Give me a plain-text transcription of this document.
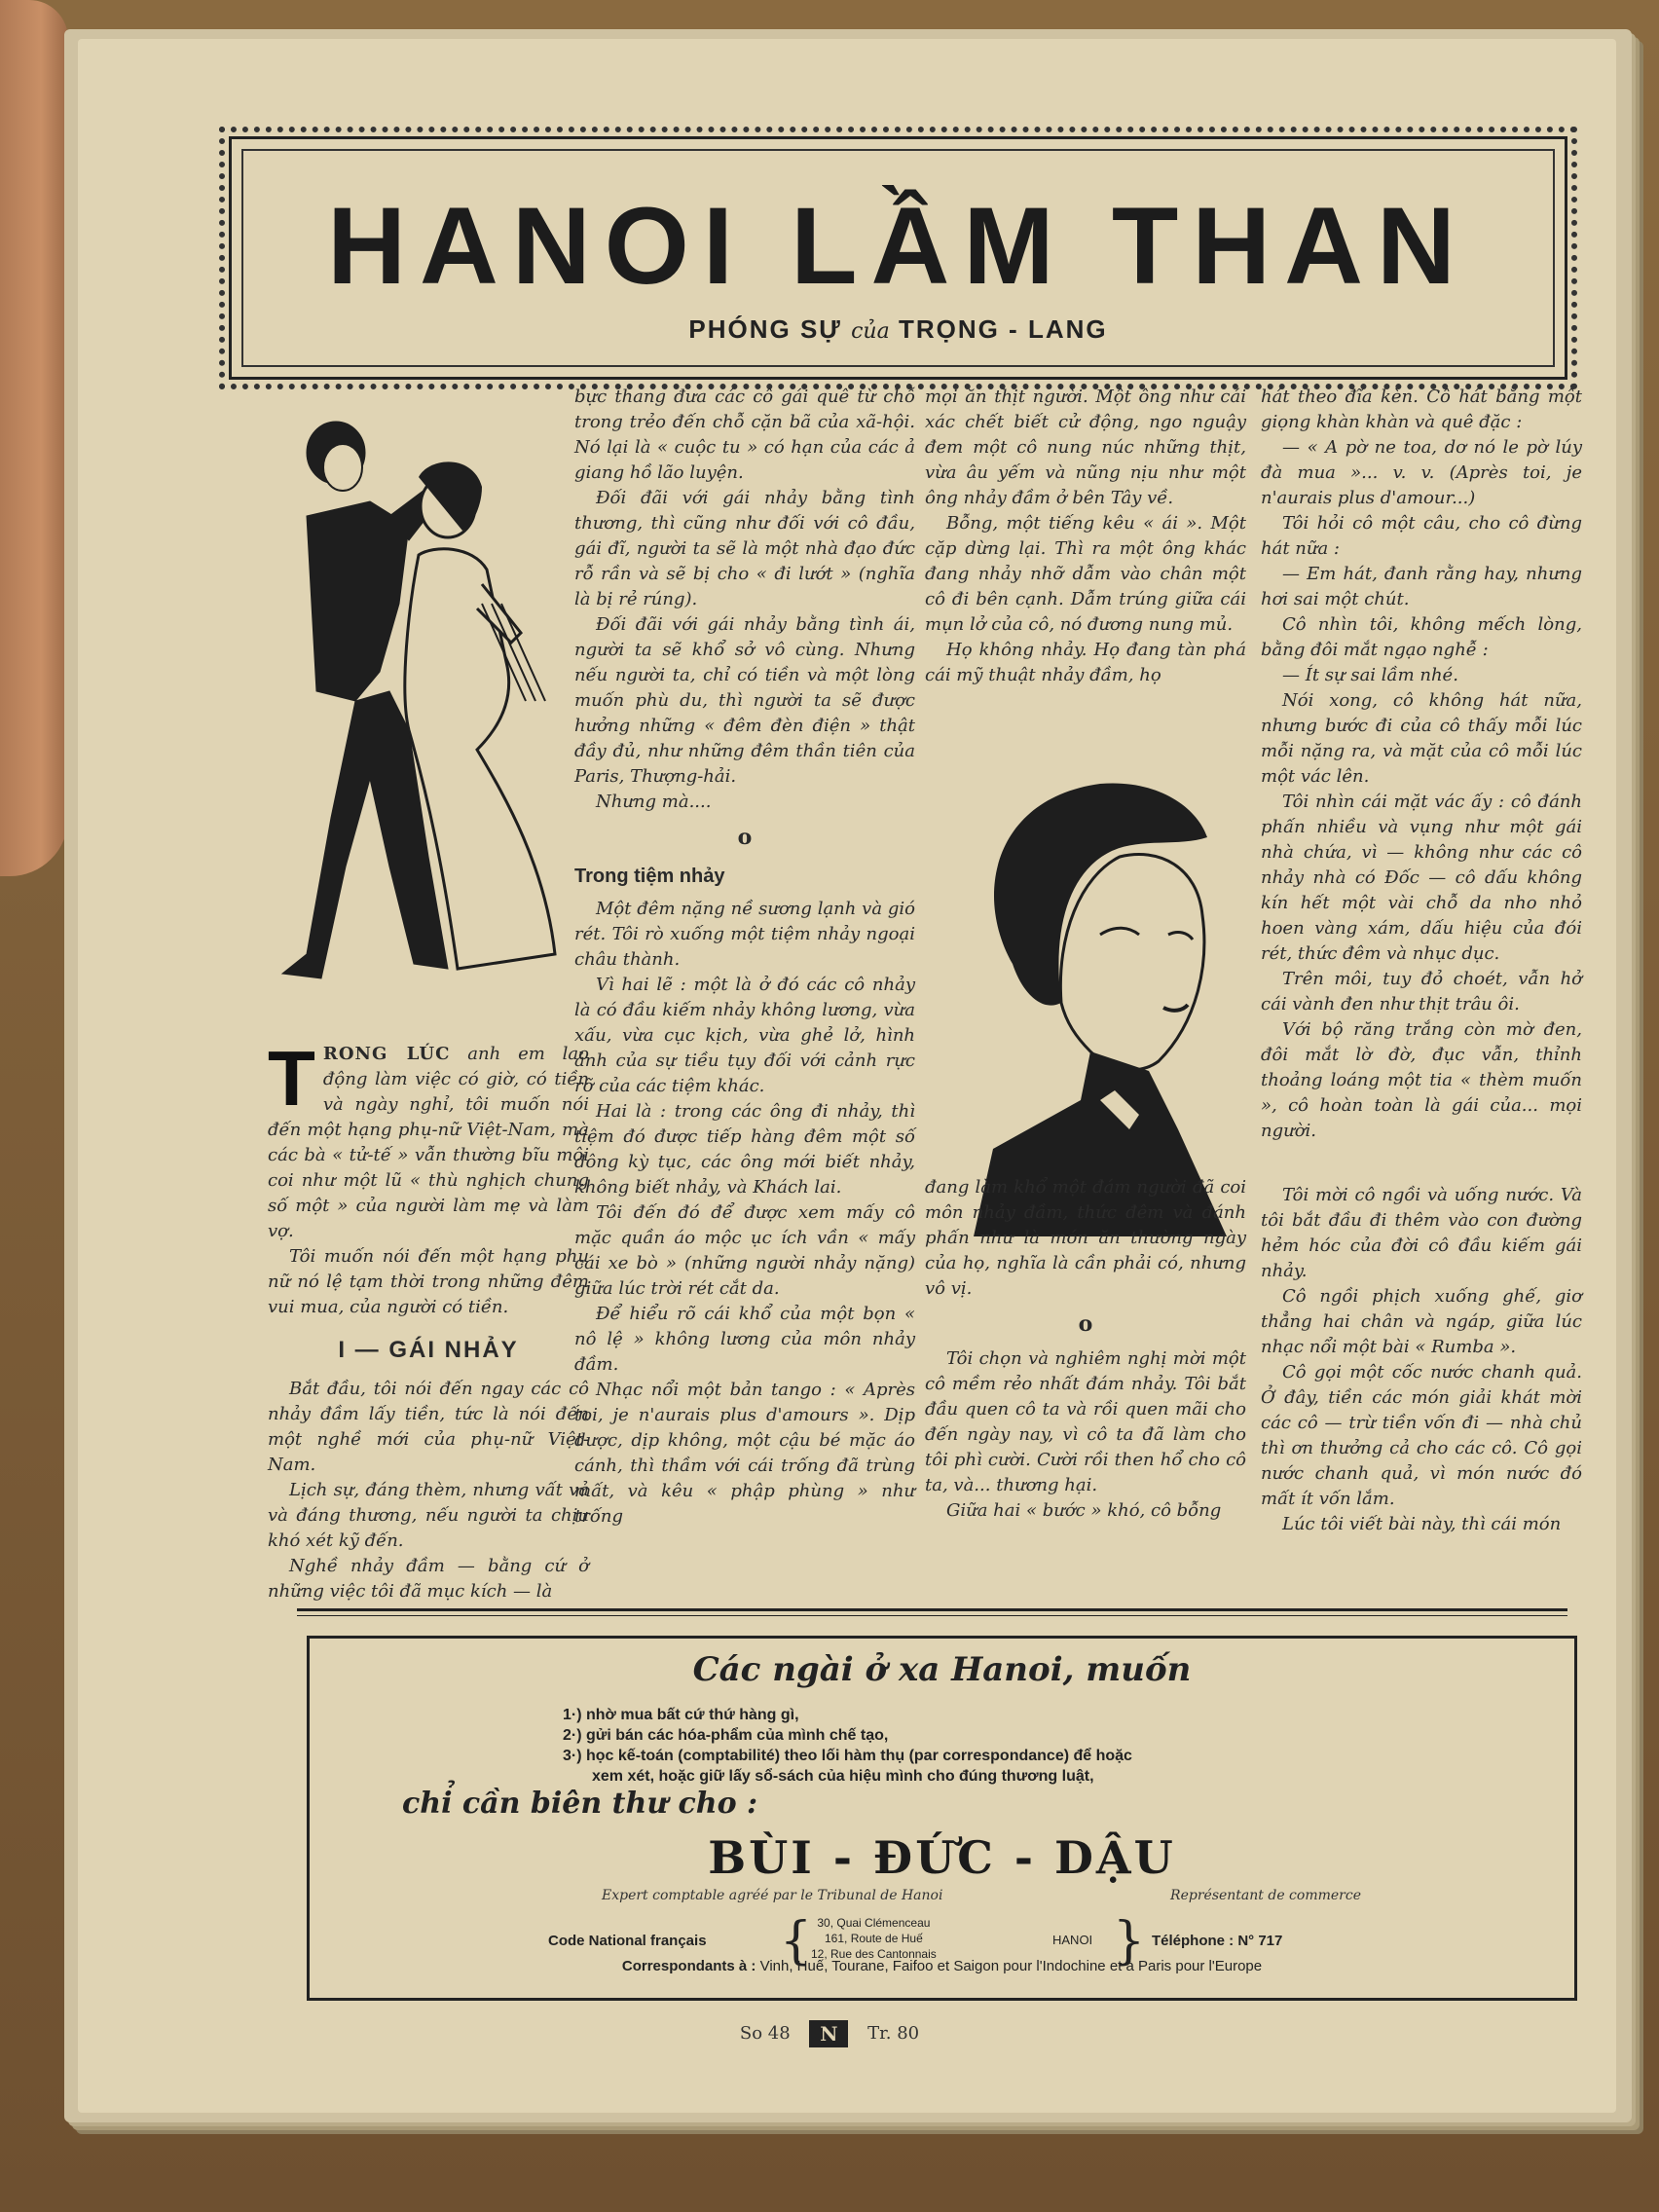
HANOI LẦM THAN
PHÓNG SỰ của TRỌNG - LANG

T RONG LÚC anh em lao động làm việc có giờ, có tiền và ngày nghỉ, tôi muốn nói đến một hạng phụ-nữ Việt-Nam, mà các bà « tử-tế » vẫn thường bĩu môi coi như một lũ « thù nghịch chung số một » của người làm mẹ và làm vợ.

Tôi muốn nói đến một hạng phụ nữ nó lệ tạm thời trong những đêm vui mua, của người có tiền.

I — GÁI NHẢY

Bắt đầu, tôi nói đến ngay các cô nhảy đầm lấy tiền, tức là nói đến một nghề mới của phụ-nữ Việt-Nam.

Lịch sự, đáng thèm, nhưng vất vả và đáng thương, nếu người ta chịu khó xét kỹ đến.

Nghề nhảy đầm — bằng cứ ở những việc tôi đã mục kích — là

bực thang đưa các cô gái quê từ chỗ trong trẻo đến chỗ cặn bã của xã-hội. Nó lại là « cuộc tu » có hạn của các ả giang hồ lão luyện.

Đối đãi với gái nhảy bằng tình thương, thì cũng như đối với cô đầu, gái đĩ, người ta sẽ là một nhà đạo đức rỗ rần và sẽ bị cho « đi lướt » (nghĩa là bị rẻ rúng).

Đối đãi với gái nhảy bằng tình ái, người ta sẽ khổ sở vô cùng. Nhưng nếu người ta, chỉ có tiền và một lòng muốn phù du, thì người ta sẽ được hưởng những « đêm đèn điện » thật đầy đủ, như những đêm thần tiên của Paris, Thượng-hải.

Nhưng mà....

o
Trong tiệm nhảy

Một đêm nặng nề sương lạnh và gió rét. Tôi rò xuống một tiệm nhảy ngoại châu thành.

Vì hai lẽ : một là ở đó các cô nhảy là có đầu kiếm nhảy không lương, vừa xấu, vừa cục kịch, vừa ghẻ lở, hình ảnh của sự tiều tụy đối với cảnh rực rỡ của các tiệm khác.

Hai là : trong các ông đi nhảy, thì tiệm đó được tiếp hàng đêm một số đông kỳ tục, các ông mới biết nhảy, không biết nhảy, và Khách lai.

Tôi đến đó để được xem mấy cô mặc quần áo mộc ục ích vần « mấy cái xe bò » (những người nhảy nặng) giữa lúc trời rét cắt da.

Để hiểu rõ cái khổ của một bọn « nô lệ » không lương của môn nhảy đầm.

Nhạc nổi một bản tango : « Après toi, je n'aurais plus d'amours ». Dịp dược, dịp không, một cậu bé mặc áo cánh, thì thầm với cái trống đã trùng mất, và kêu « phập phùng » như trống

mọi ăn thịt người. Một ông như cái xác chết biết cử động, ngo nguậy đem một cô nung núc những thịt, vừa âu yếm và nũng nịu như một ông nhảy đầm ở bên Tây về.

Bỗng, một tiếng kêu « ái ». Một cặp dừng lại. Thì ra một ông khác đang nhảy nhỡ dẫm vào chân một cô đi bên cạnh. Dẫm trúng giữa cái mụn lở của cô, nó đương nung mủ.

Họ không nhảy. Họ đang tàn phá cái mỹ thuật nhảy đầm, họ

đang làm khổ một đám người đã coi môn nhảy đầm, thức đêm và đánh phấn như là món ăn thường ngày của họ, nghĩa là cần phải có, nhưng vô vị.

o

Tôi chọn và nghiêm nghị mời một cô mềm rẻo nhất đám nhảy. Tôi bắt đầu quen cô ta và rồi quen mãi cho đến ngày nay, vì cô ta đã làm cho tôi phì cười. Cười rồi then hổ cho cô ta, và... thương hại.

Giữa hai « bước » khó, cô bỗng

hát theo đĩa kèn. Cô hát bằng một giọng khàn khàn và quê đặc :

— « A pờ ne toa, dơ nó le pờ lúy đà mua »... v. v. (Après toi, je n'aurais plus d'amour...)

Tôi hỏi cô một câu, cho cô đừng hát nữa :

— Em hát, đanh rằng hay, nhưng hơi sai một chút.

Cô nhìn tôi, không mếch lòng, bằng đôi mắt ngạo nghễ :

— Ít sự sai lầm nhé.

Nói xong, cô không hát nữa, nhưng bước đi của cô thấy mỗi lúc mỗi nặng ra, và mặt của cô mỗi lúc một vác lên.

Tôi nhìn cái mặt vác ấy : cô đánh phấn nhiều và vụng như một gái nhà chứa, vì — không như các cô nhảy nhà có Đốc — cô dấu không kín hết một vài chỗ da nho nhỏ hoen vàng xám, dấu hiệu của đói rét, thức đêm và nhục dục.

Trên môi, tuy đỏ choét, vẫn hở cái vành đen như thịt trâu ôi.

Với bộ răng trắng còn mờ đen, đôi mắt lờ đờ, đục vẫn, thỉnh thoảng loáng một tia « thèm muốn », cô hoàn toàn là gái của... mọi người.

Tôi mời cô ngồi và uống nước. Và tôi bắt đầu đi thêm vào con đường hẻm hóc của đời cô đầu kiếm gái nhảy.

Cô ngồi phịch xuống ghế, giơ thẳng hai chân và ngáp, giữa lúc nhạc nổi một bài « Rumba ».

Cô gọi một cốc nước chanh quả. Ở đây, tiền các món giải khát mời các cô — trừ tiền vốn đi — nhà chủ thì ơn thưởng cả cho các cô. Cô gọi nước chanh quả, vì món nước đó mất ít vốn lắm.

Lúc tôi viết bài này, thì cái món

Các ngài ở xa Hanoi, muốn
1·) nhờ mua bất cứ thứ hàng gì,
2·) gửi bán các hóa-phẩm của mình chế tạo,
3·) học kế-toán (comptabilité) theo lối hàm thụ (par correspondance) để hoặc
xem xét, hoặc giữ lấy sổ-sách của hiệu mình cho đúng thương luật,
chỉ cần biên thư cho :
BÙI - ĐỨC - DẬU
Expert comptable agréé par le Tribunal de Hanoi	Représentant de commerce
Code National français { 30, Quai Clémenceau
161, Route de Huế
12, Rue des Cantonnais
HANOI } Téléphone : N° 717
Correspondants à : Vinh, Huế, Tourane, Faifoo et Saigon pour l'Indochine et à Paris pour l'Europe
So 48 N Tr. 80
